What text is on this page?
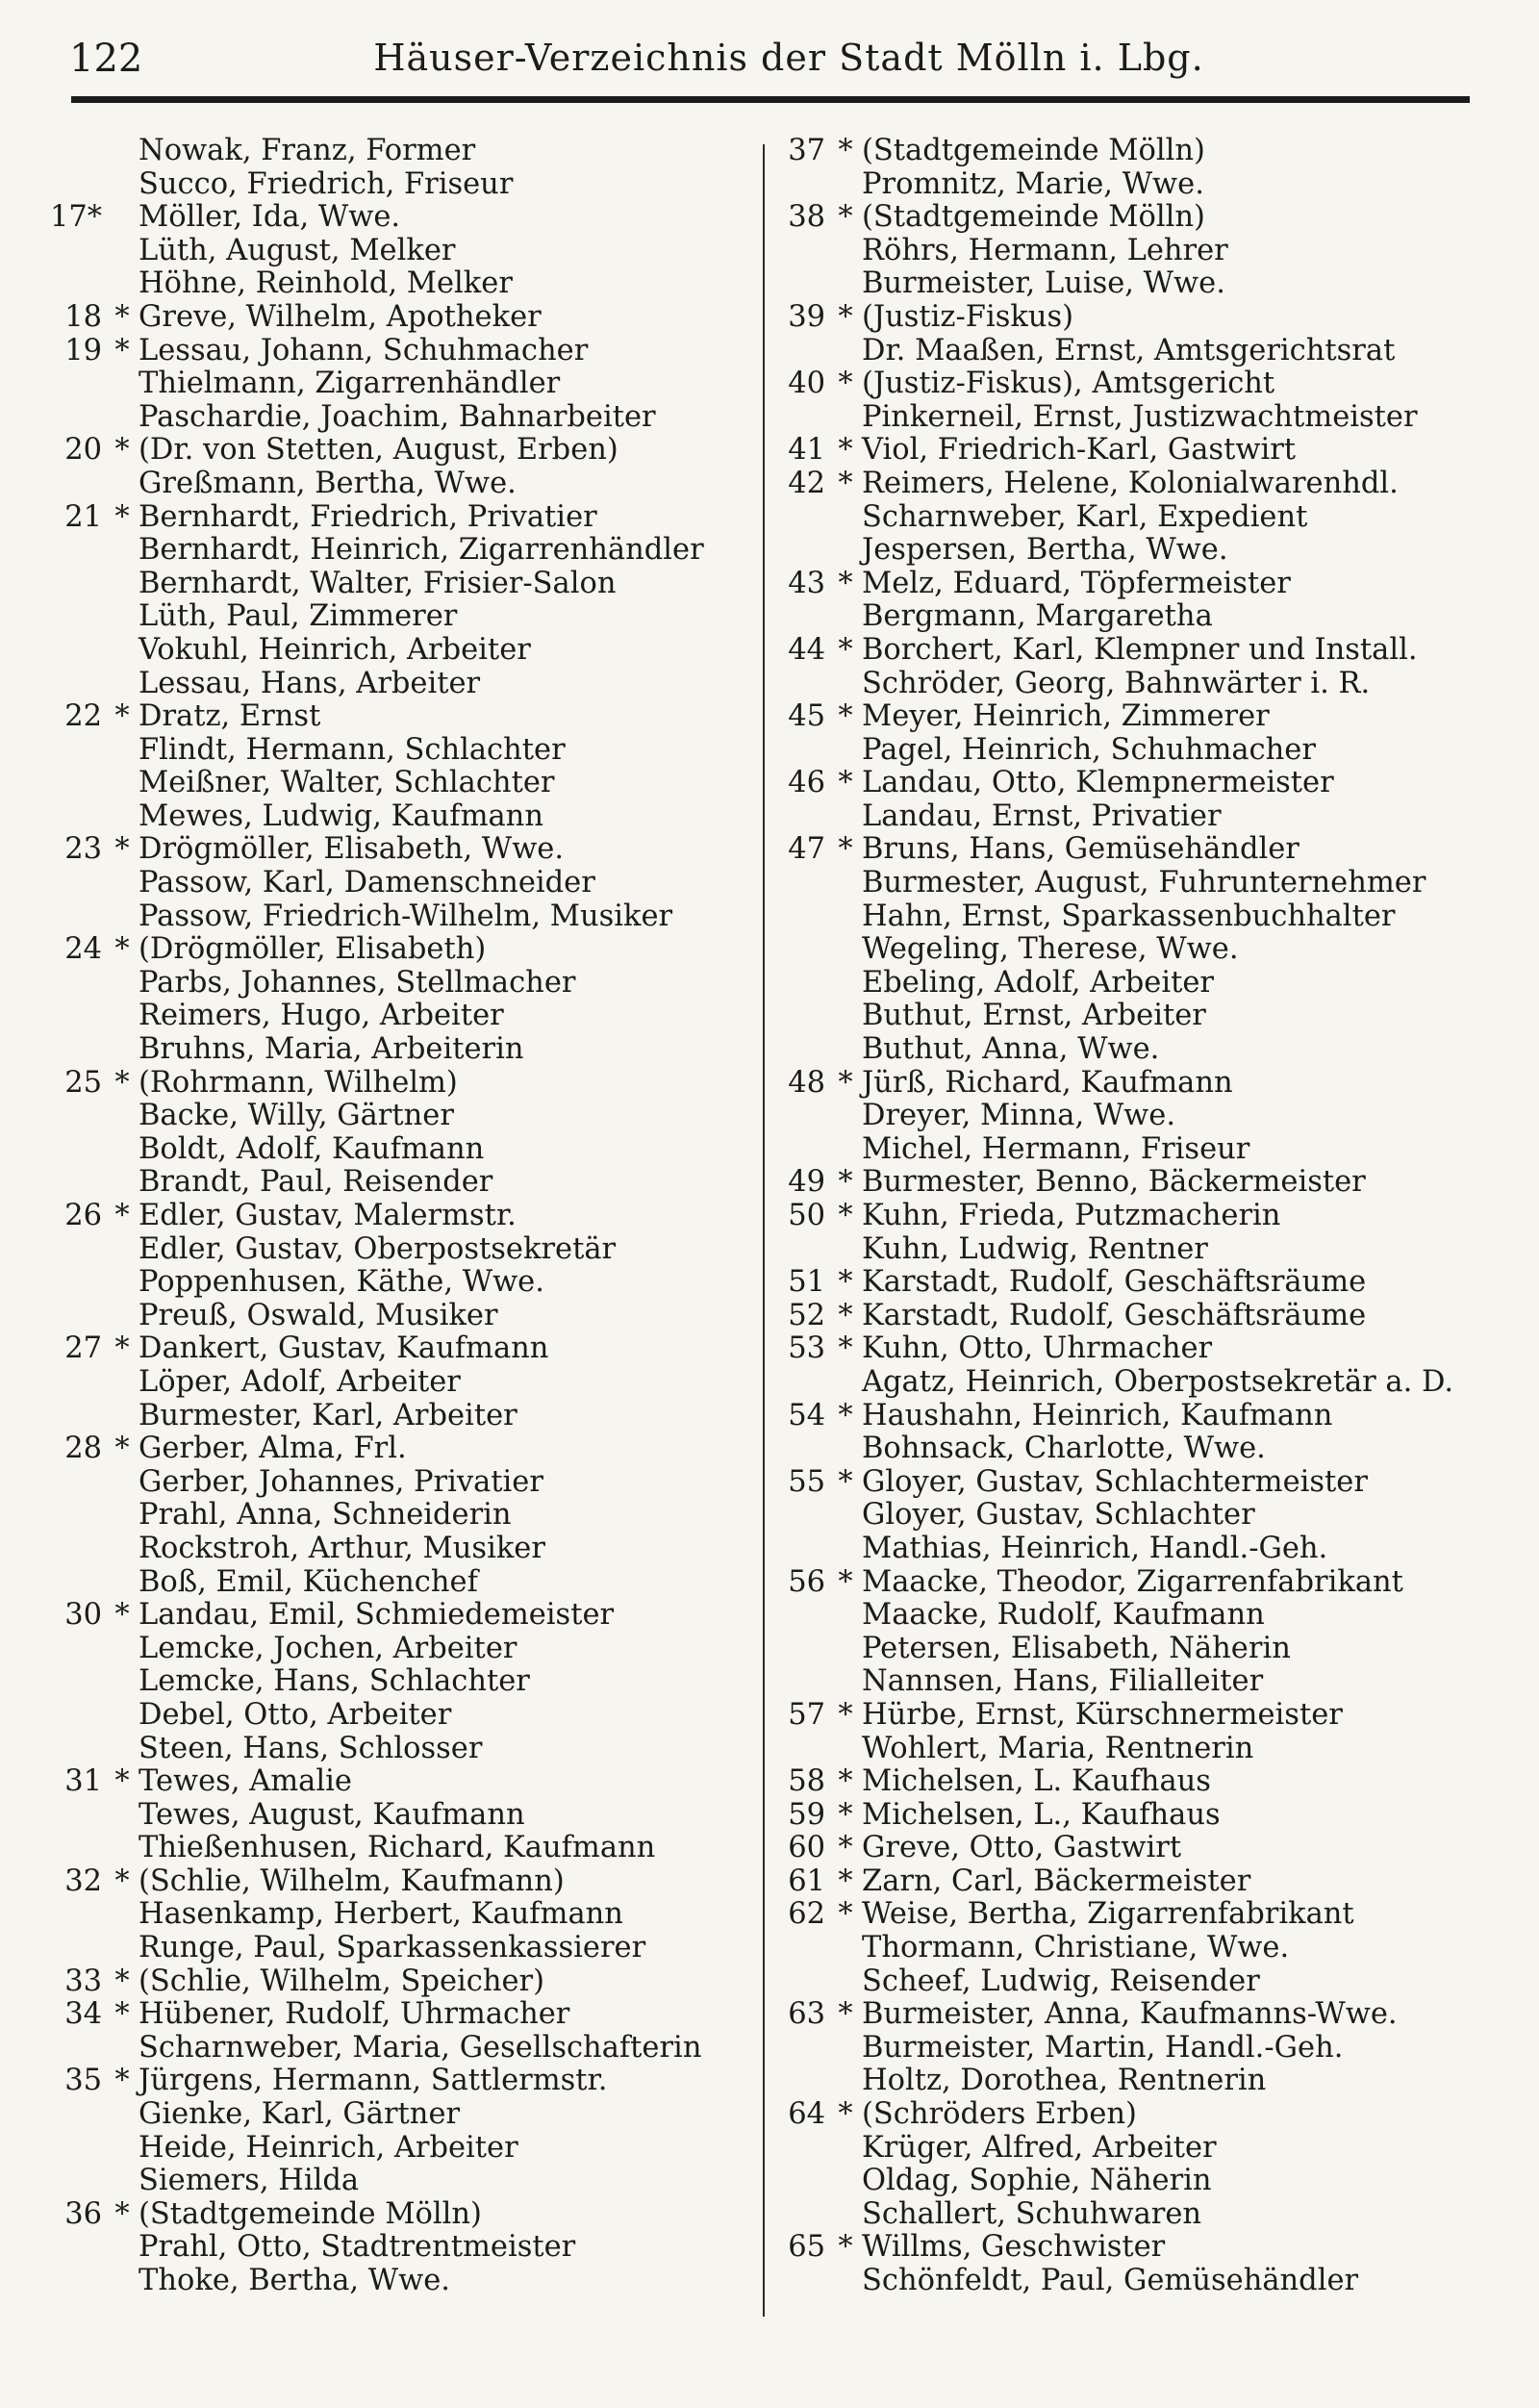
122	Häuser-Verzeichnis der Stadt Mölln i. Lbg.
Nowak, Franz, Former
Succo, Friedrich, Friseur
17* Möller, Ida, Wwe.
Lüth, August, Melker
Höhne, Reinhold, Melker
18 * Greve, Wilhelm, Apotheker
19 * Lessau, Johann, Schuhmacher
Thielmann, Zigarrenhändler
Paschardie, Joachim, Bahnarbeiter
20 * (Dr. von Stetten, August, Erben)
Greßmann, Bertha, Wwe.
21 * Bernhardt, Friedrich, Privatier
Bernhardt, Heinrich, Zigarrenhändler
Bernhardt, Walter, Frisier-Salon
Lüth, Paul, Zimmerer
Vokuhl, Heinrich, Arbeiter
Lessau, Hans, Arbeiter
22 * Dratz, Ernst
Flindt, Hermann, Schlachter
Meißner, Walter, Schlachter
Mewes, Ludwig, Kaufmann
23 * Drögmöller, Elisabeth, Wwe.
Passow, Karl, Damenschneider
Passow, Friedrich-Wilhelm, Musiker
24 * (Drögmöller, Elisabeth)
Parbs, Johannes, Stellmacher
Reimers, Hugo, Arbeiter
Bruhns, Maria, Arbeiterin
25 * (Rohrmann, Wilhelm)
Backe, Willy, Gärtner
Boldt, Adolf, Kaufmann
Brandt, Paul, Reisender
26 * Edler, Gustav, Malermstr.
Edler, Gustav, Oberpostsekretär
Poppenhusen, Käthe, Wwe.
Preuß, Oswald, Musiker
27 * Dankert, Gustav, Kaufmann
Löper, Adolf, Arbeiter
Burmester, Karl, Arbeiter
28 * Gerber, Alma, Frl.
Gerber, Johannes, Privatier
Prahl, Anna, Schneiderin
Rockstroh, Arthur, Musiker
Boß, Emil, Küchenchef
30 * Landau, Emil, Schmiedemeister
Lemcke, Jochen, Arbeiter
Lemcke, Hans, Schlachter
Debel, Otto, Arbeiter
Steen, Hans, Schlosser
31 * Tewes, Amalie
Tewes, August, Kaufmann
Thießenhusen, Richard, Kaufmann
32 * (Schlie, Wilhelm, Kaufmann)
Hasenkamp, Herbert, Kaufmann
Runge, Paul, Sparkassenkassierer
33 * (Schlie, Wilhelm, Speicher)
34 * Hübener, Rudolf, Uhrmacher
Scharnweber, Maria, Gesellschafterin
35 * Jürgens, Hermann, Sattlermstr.
Gienke, Karl, Gärtner
Heide, Heinrich, Arbeiter
Siemers, Hilda
36 * (Stadtgemeinde Mölln)
Prahl, Otto, Stadtrentmeister
Thoke, Bertha, Wwe.
37 * (Stadtgemeinde Mölln)
Promnitz, Marie, Wwe.
38 * (Stadtgemeinde Mölln)
Röhrs, Hermann, Lehrer
Burmeister, Luise, Wwe.
39 * (Justiz-Fiskus)
Dr. Maaßen, Ernst, Amtsgerichtsrat
40 * (Justiz-Fiskus), Amtsgericht
Pinkerneil, Ernst, Justizwachtmeister
41 * Viol, Friedrich-Karl, Gastwirt
42 * Reimers, Helene, Kolonialwarenhdl.
Scharnweber, Karl, Expedient
Jespersen, Bertha, Wwe.
43 * Melz, Eduard, Töpfermeister
Bergmann, Margaretha
44 * Borchert, Karl, Klempner und Install.
Schröder, Georg, Bahnwärter i. R.
45 * Meyer, Heinrich, Zimmerer
Pagel, Heinrich, Schuhmacher
46 * Landau, Otto, Klempnermeister
Landau, Ernst, Privatier
47 * Bruns, Hans, Gemüsehändler
Burmester, August, Fuhrunternehmer
Hahn, Ernst, Sparkassenbuchhalter
Wegeling, Therese, Wwe.
Ebeling, Adolf, Arbeiter
Buthut, Ernst, Arbeiter
Buthut, Anna, Wwe.
48 * Jürß, Richard, Kaufmann
Dreyer, Minna, Wwe.
Michel, Hermann, Friseur
49 * Burmester, Benno, Bäckermeister
50 * Kuhn, Frieda, Putzmacherin
Kuhn, Ludwig, Rentner
51 * Karstadt, Rudolf, Geschäftsräume
52 * Karstadt, Rudolf, Geschäftsräume
53 * Kuhn, Otto, Uhrmacher
Agatz, Heinrich, Oberpostsekretär a. D.
54 * Haushahn, Heinrich, Kaufmann
Bohnsack, Charlotte, Wwe.
55 * Gloyer, Gustav, Schlachtermeister
Gloyer, Gustav, Schlachter
Mathias, Heinrich, Handl.-Geh.
56 * Maacke, Theodor, Zigarrenfabrikant
Maacke, Rudolf, Kaufmann
Petersen, Elisabeth, Näherin
Nannsen, Hans, Filialleiter
57 * Hürbe, Ernst, Kürschnermeister
Wohlert, Maria, Rentnerin
58 * Michelsen, L. Kaufhaus
59 * Michelsen, L., Kaufhaus
60 * Greve, Otto, Gastwirt
61 * Zarn, Carl, Bäckermeister
62 * Weise, Bertha, Zigarrenfabrikant
Thormann, Christiane, Wwe.
Scheef, Ludwig, Reisender
63 * Burmeister, Anna, Kaufmanns-Wwe.
Burmeister, Martin, Handl.-Geh.
Holtz, Dorothea, Rentnerin
64 * (Schröders Erben)
Krüger, Alfred, Arbeiter
Oldag, Sophie, Näherin
Schallert, Schuhwaren
65 * Willms, Geschwister
Schönfeldt, Paul, Gemüsehändler
